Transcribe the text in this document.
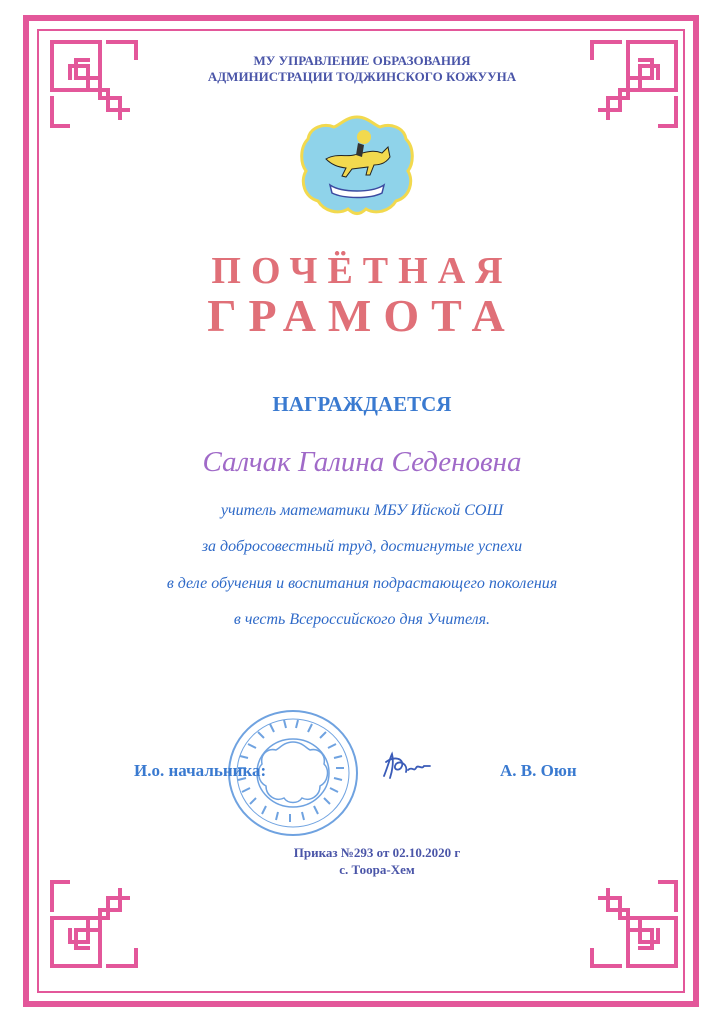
МУ УПРАВЛЕНИЕ ОБРАЗОВАНИЯ
АДМИНИСТРАЦИИ ТОДЖИНСКОГО КОЖУУНА
ПОЧЁТНАЯ
ГРАМОТА
НАГРАЖДАЕТСЯ
Салчак Галина Седеновна
учитель математики МБУ Ийской СОШ
за добросовестный труд, достигнутые успехи
в деле обучения и воспитания подрастающего поколения
в честь Всероссийского дня Учителя.
И.о. начальника:	А. В. Оюн
Приказ №293 от 02.10.2020 г
с. Тоора-Хем
